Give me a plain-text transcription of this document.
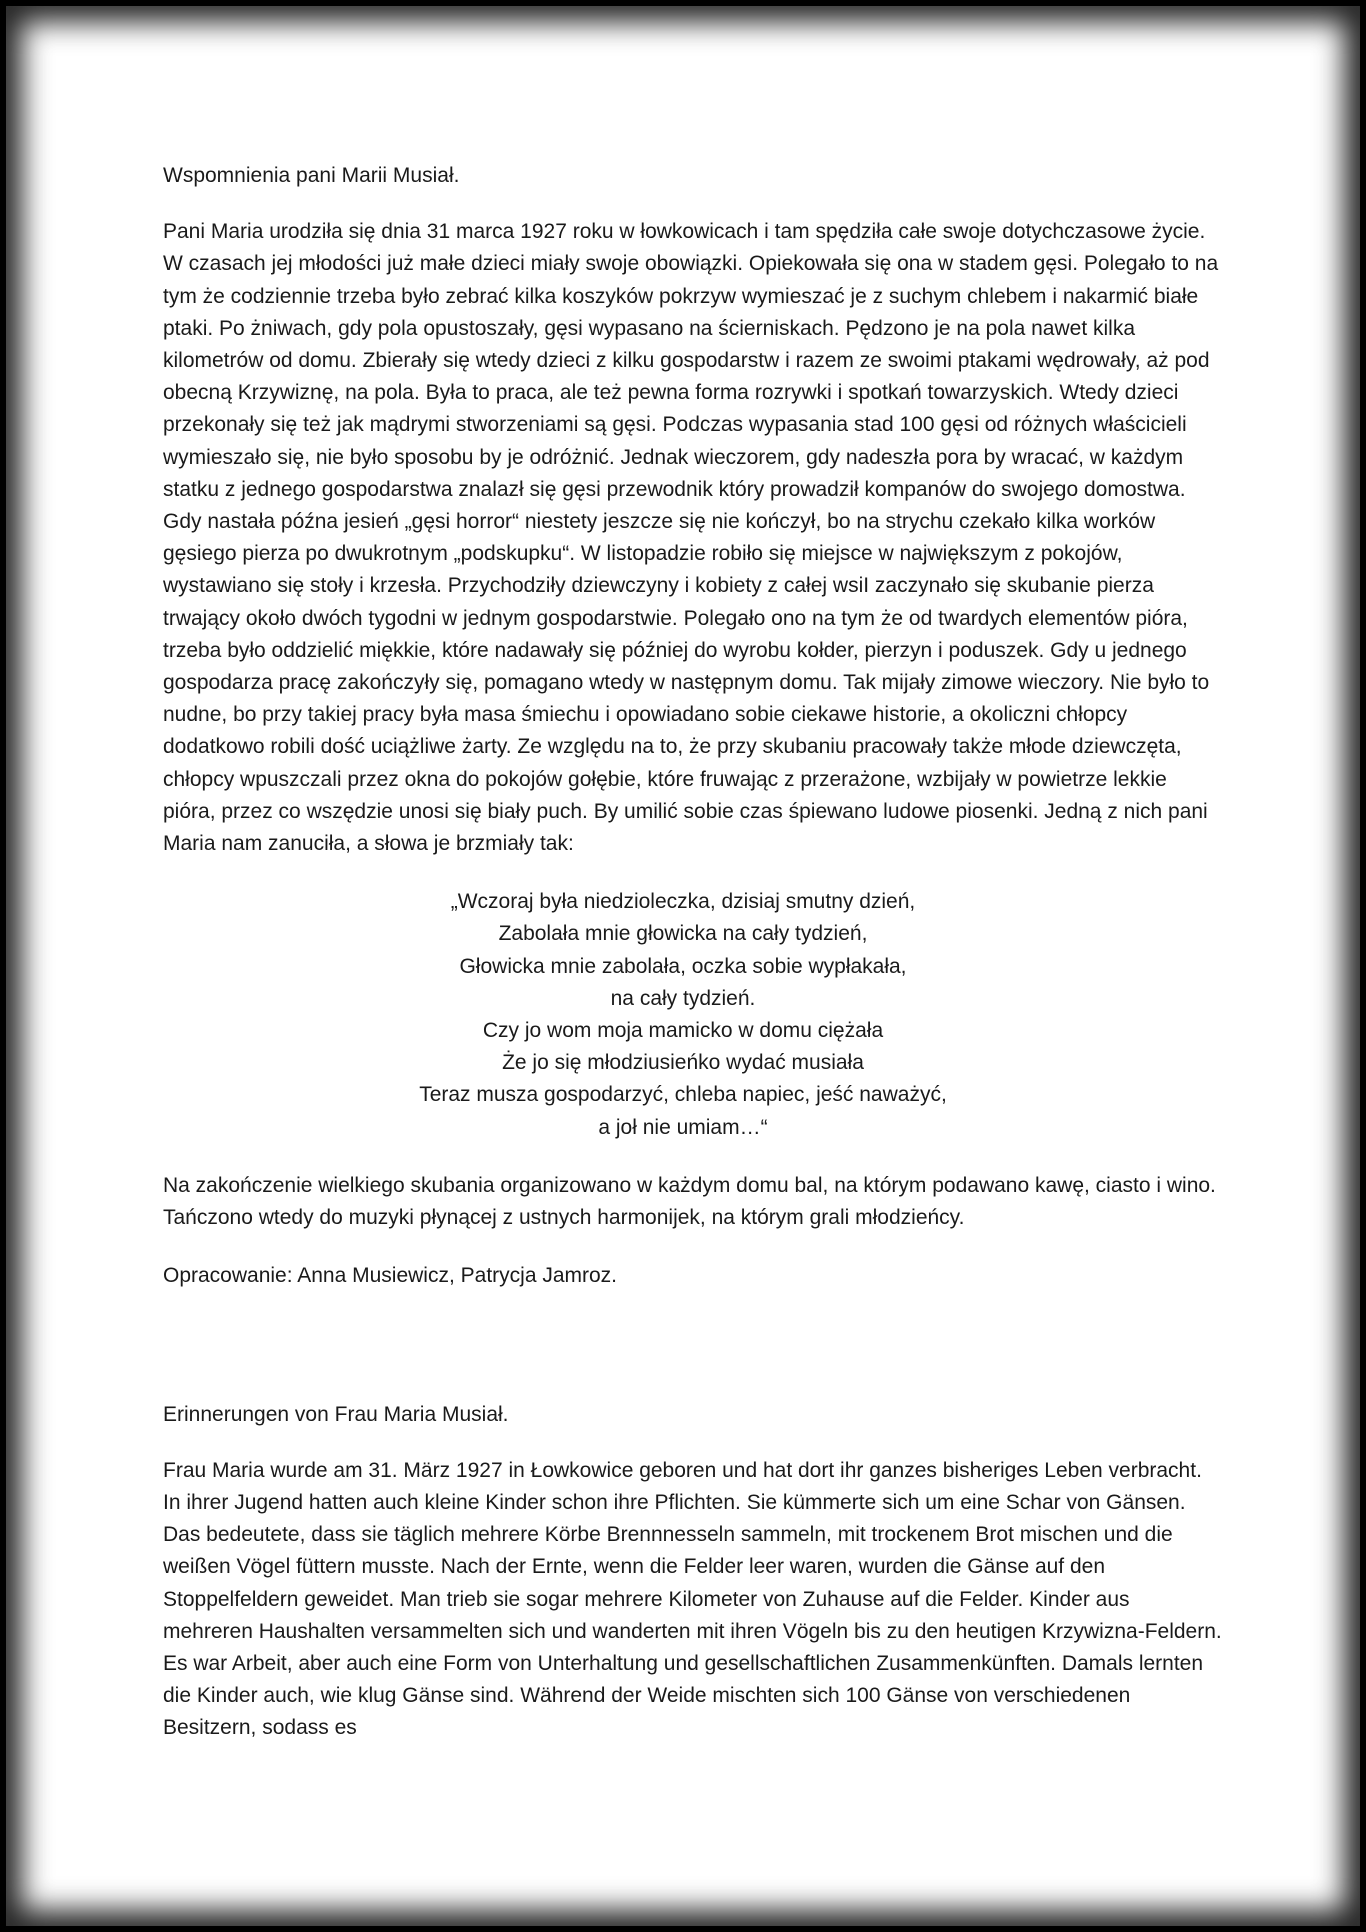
Wspomnienia pani Marii Musiał.

Pani Maria urodziła się dnia 31 marca 1927 roku w łowkowicach i tam spędziła całe swoje dotychczasowe życie. W czasach jej młodości już małe dzieci miały swoje obowiązki. Opiekowała się ona w stadem gęsi. Polegało to na tym że codziennie trzeba było zebrać kilka koszyków pokrzyw wymieszać je z suchym chlebem i nakarmić białe ptaki. Po żniwach, gdy pola opustoszały, gęsi wypasano na ścierniskach. Pędzono je na pola nawet kilka kilometrów od domu. Zbierały się wtedy dzieci z kilku gospodarstw i razem ze swoimi ptakami wędrowały, aż pod obecną Krzywiznę, na pola. Była to praca, ale też pewna forma rozrywki i spotkań towarzyskich. Wtedy dzieci przekonały się też jak mądrymi stworzeniami są gęsi. Podczas wypasania stad 100 gęsi od różnych właścicieli wymieszało się, nie było sposobu by je odróżnić. Jednak wieczorem, gdy nadeszła pora by wracać, w każdym statku z jednego gospodarstwa znalazł się gęsi przewodnik który prowadził kompanów do swojego domostwa. Gdy nastała późna jesień „gęsi horror“ niestety jeszcze się nie kończył, bo na strychu czekało kilka worków gęsiego pierza po dwukrotnym „podskupku“. W listopadzie robiło się miejsce w największym z pokojów, wystawiano się stoły i krzesła. Przychodziły dziewczyny i kobiety z całej wsiI zaczynało się skubanie pierza trwający około dwóch tygodni w jednym gospodarstwie. Polegało ono na tym że od twardych elementów pióra, trzeba było oddzielić miękkie, które nadawały się później do wyrobu kołder, pierzyn i poduszek. Gdy u jednego gospodarza pracę zakończyły się, pomagano wtedy w następnym domu. Tak mijały zimowe wieczory. Nie było to nudne, bo przy takiej pracy była masa śmiechu i opowiadano sobie ciekawe historie, a okoliczni chłopcy dodatkowo robili dość uciążliwe żarty. Ze względu na to, że przy skubaniu pracowały także młode dziewczęta, chłopcy wpuszczali przez okna do pokojów gołębie, które fruwając z przerażone, wzbijały w powietrze lekkie pióra, przez co wszędzie unosi się biały puch. By umilić sobie czas śpiewano ludowe piosenki. Jedną z nich pani Maria nam zanuciła, a słowa je brzmiały tak:

„Wczoraj była niedzioleczka, dzisiaj smutny dzień,
Zabolała mnie głowicka na cały tydzień,
Głowicka mnie zabolała, oczka sobie wypłakała,
na cały tydzień.
Czy jo wom moja mamicko w domu ciężała
Że jo się młodziusieńko wydać musiała
Teraz musza gospodarzyć, chleba napiec, jeść naważyć,
a joł nie umiam…“

Na zakończenie wielkiego skubania organizowano w każdym domu bal, na którym podawano kawę, ciasto i wino. Tańczono wtedy do muzyki płynącej z ustnych harmonijek, na którym grali młodzieńcy.

Opracowanie: Anna Musiewicz, Patrycja Jamroz.

Erinnerungen von Frau Maria Musiał.

Frau Maria wurde am 31. März 1927 in Łowkowice geboren und hat dort ihr ganzes bisheriges Leben verbracht. In ihrer Jugend hatten auch kleine Kinder schon ihre Pflichten. Sie kümmerte sich um eine Schar von Gänsen. Das bedeutete, dass sie täglich mehrere Körbe Brennnesseln sammeln, mit trockenem Brot mischen und die weißen Vögel füttern musste. Nach der Ernte, wenn die Felder leer waren, wurden die Gänse auf den Stoppelfeldern geweidet. Man trieb sie sogar mehrere Kilometer von Zuhause auf die Felder. Kinder aus mehreren Haushalten versammelten sich und wanderten mit ihren Vögeln bis zu den heutigen Krzywizna-Feldern. Es war Arbeit, aber auch eine Form von Unterhaltung und gesellschaftlichen Zusammenkünften. Damals lernten die Kinder auch, wie klug Gänse sind. Während der Weide mischten sich 100 Gänse von verschiedenen Besitzern, sodass es
